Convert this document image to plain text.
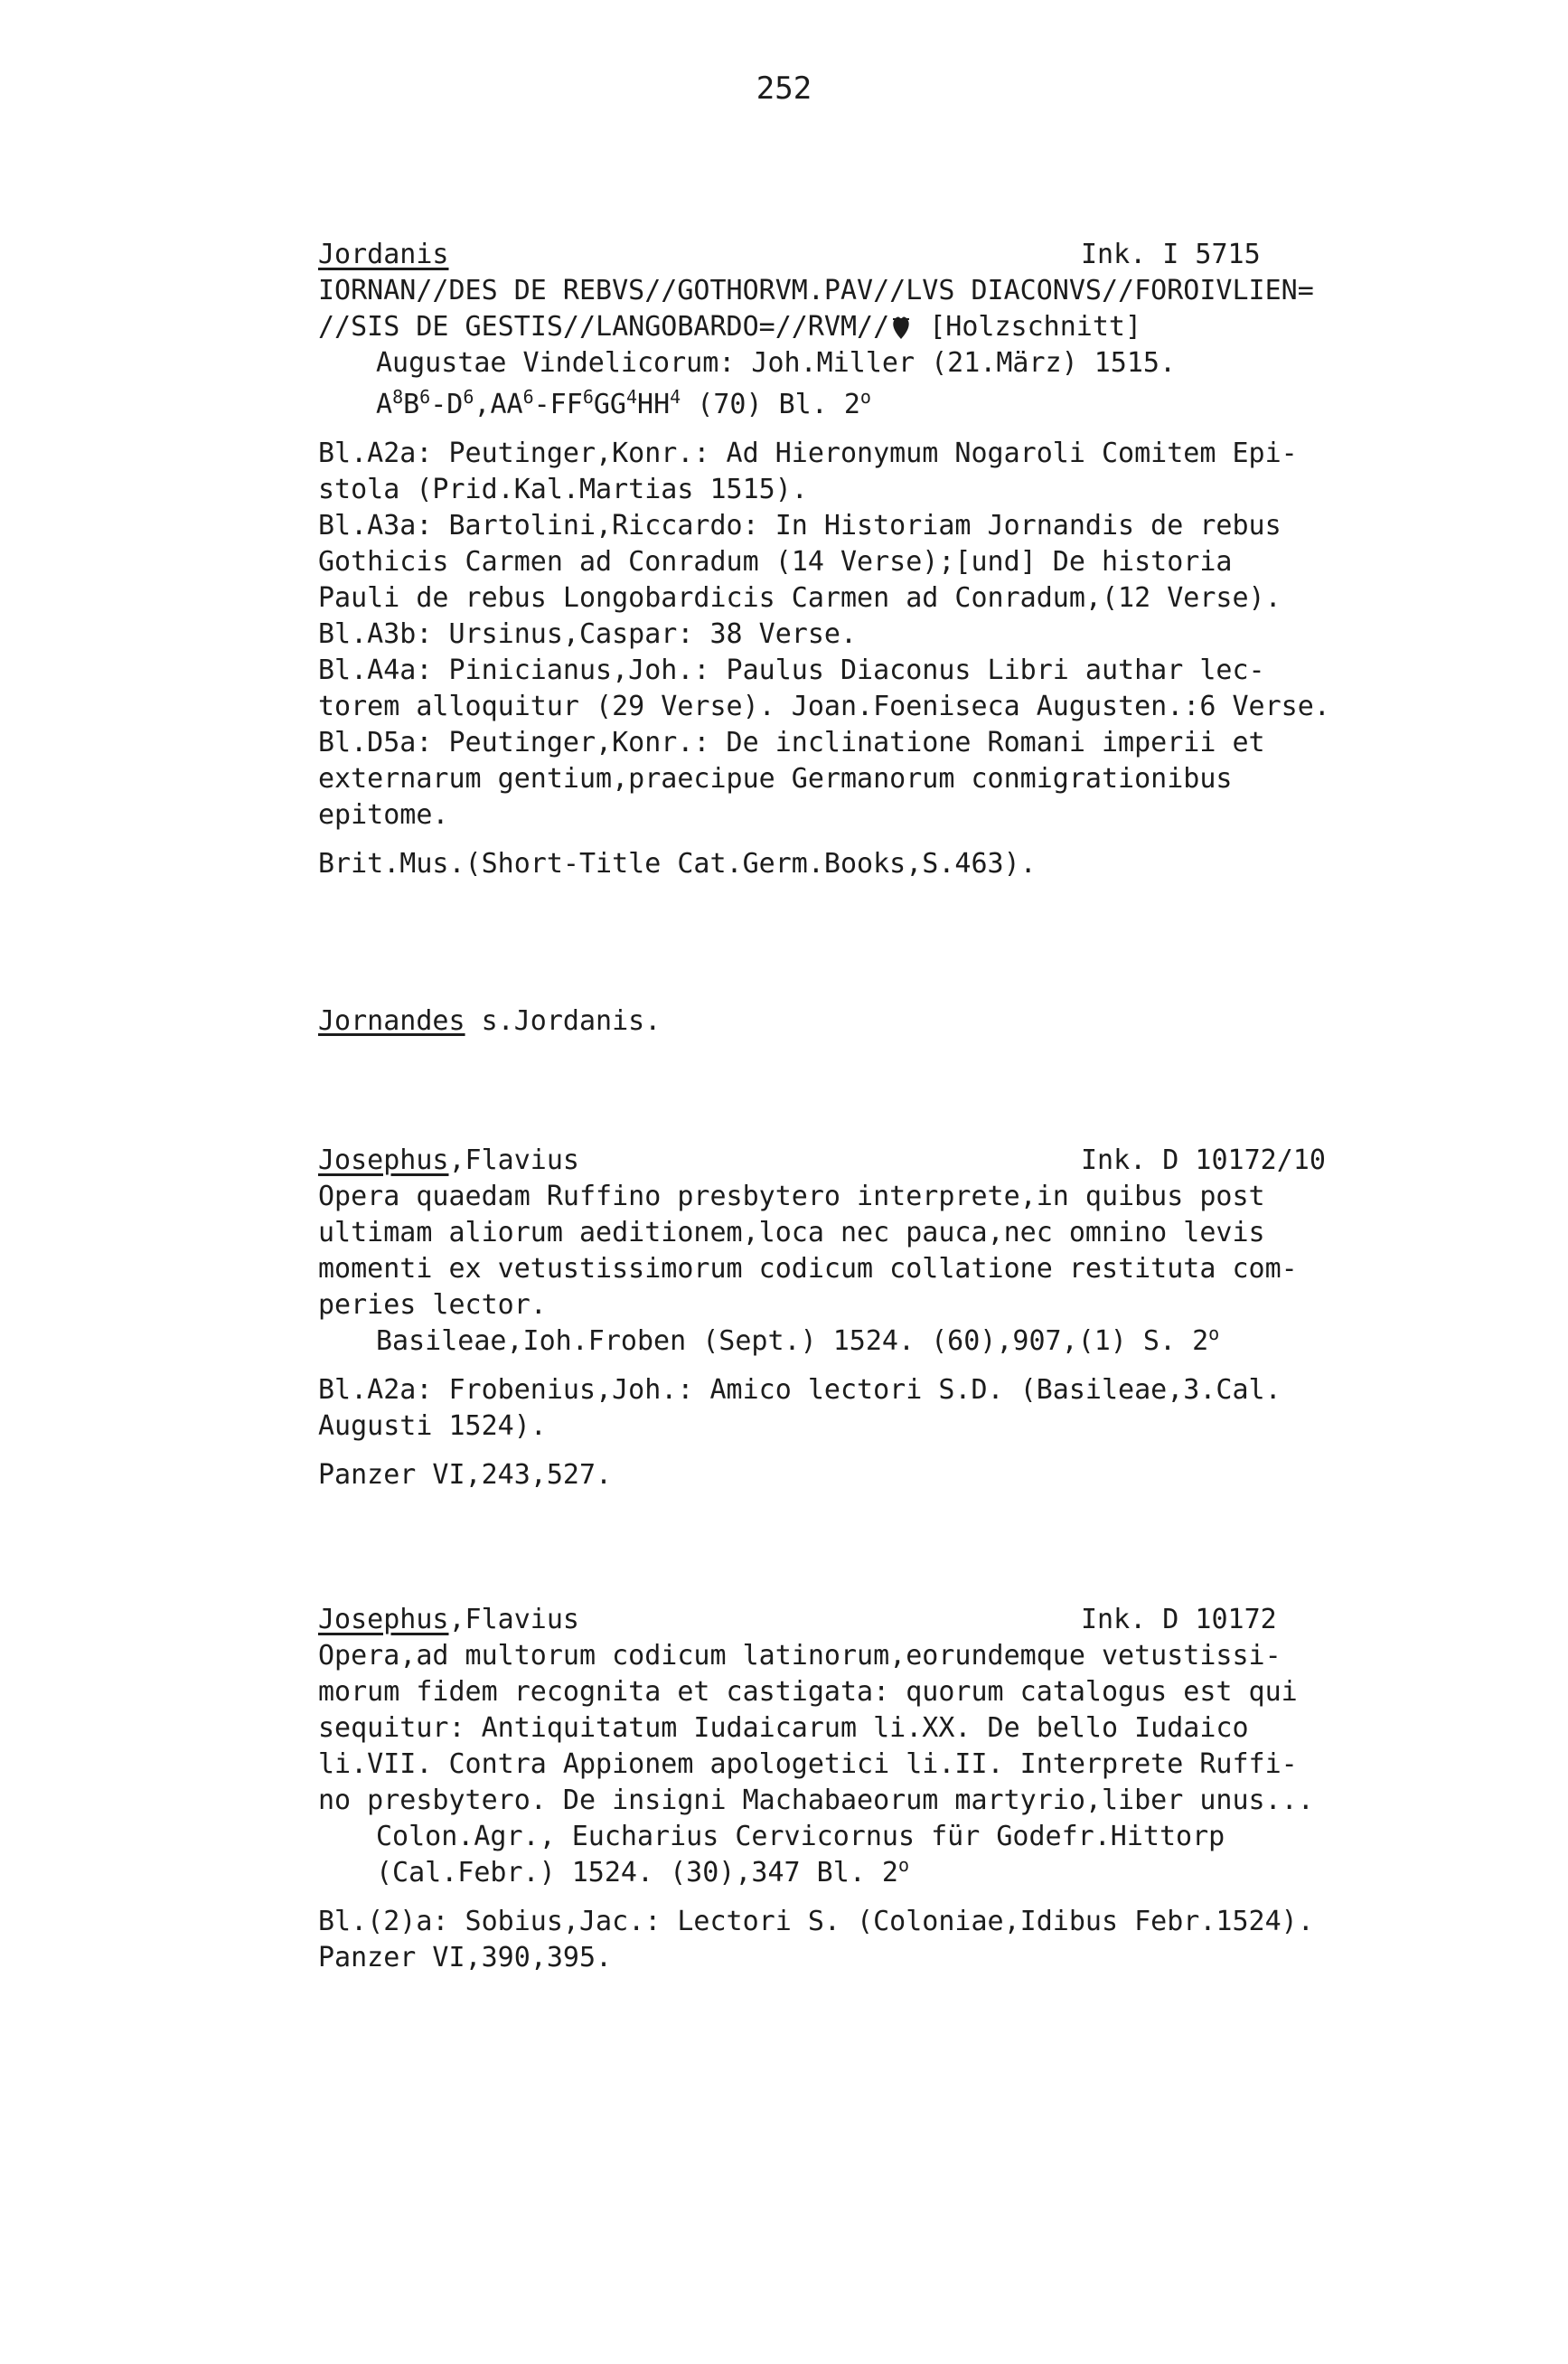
252
Jordanis	Ink. I 5715
IORNAN//DES DE REBVS//GOTHORVM.PAV//LVS DIACONVS//FOROIVLIEN=
//SIS DE GESTIS//LANGOBARDO=//RVM// [Holzschnitt]
Augustae Vindelicorum: Joh.Miller (21.März) 1515.
$A^8B^6-D^6,AA^6-FF^6GG^4HH^4$ (70) Bl. 2$^o$
Bl.A2a: Peutinger,Konr.: Ad Hieronymum Nogaroli Comitem Epi-
stola (Prid.Kal.Martias 1515).
Bl.A3a: Bartolini,Riccardo: In Historiam Jornandis de rebus
Gothicis Carmen ad Conradum (14 Verse);[und] De historia
Pauli de rebus Longobardicis Carmen ad Conradum,(12 Verse).
Bl.A3b: Ursinus,Caspar: 38 Verse.
Bl.A4a: Pinicianus,Joh.: Paulus Diaconus Libri authar lec-
torem alloquitur (29 Verse). Joan.Foeniseca Augusten.:6 Verse.
Bl.D5a: Peutinger,Konr.: De inclinatione Romani imperii et
externarum gentium,praecipue Germanorum conmigrationibus
epitome.
Brit.Mus.(Short-Title Cat.Germ.Books,S.463).
Jornandes s.Jordanis.
Josephus,Flavius	Ink. D 10172/10
Opera quaedam Ruffino presbytero interprete,in quibus post
ultimam aliorum aeditionem,loca nec pauca,nec omnino levis
momenti ex vetustissimorum codicum collatione restituta com-
peries lector.
Basileae,Ioh.Froben (Sept.) 1524. (60),907,(1) S. 2$^o$
Bl.A2a: Frobenius,Joh.: Amico lectori S.D. (Basileae,3.Cal.
Augusti 1524).
Panzer VI,243,527.
Josephus,Flavius	Ink. D 10172
Opera,ad multorum codicum latinorum,eorundemque vetustissi-
morum fidem recognita et castigata: quorum catalogus est qui
sequitur: Antiquitatum Iudaicarum li.XX. De bello Iudaico
li.VII. Contra Appionem apologetici li.II. Interprete Ruffi-
no presbytero. De insigni Machabaeorum martyrio,liber unus...
Colon.Agr., Eucharius Cervicornus für Godefr.Hittorp
(Cal.Febr.) 1524. (30),347 Bl. 2$^o$
Bl.(2)a: Sobius,Jac.: Lectori S. (Coloniae,Idibus Febr.1524).
Panzer VI,390,395.
